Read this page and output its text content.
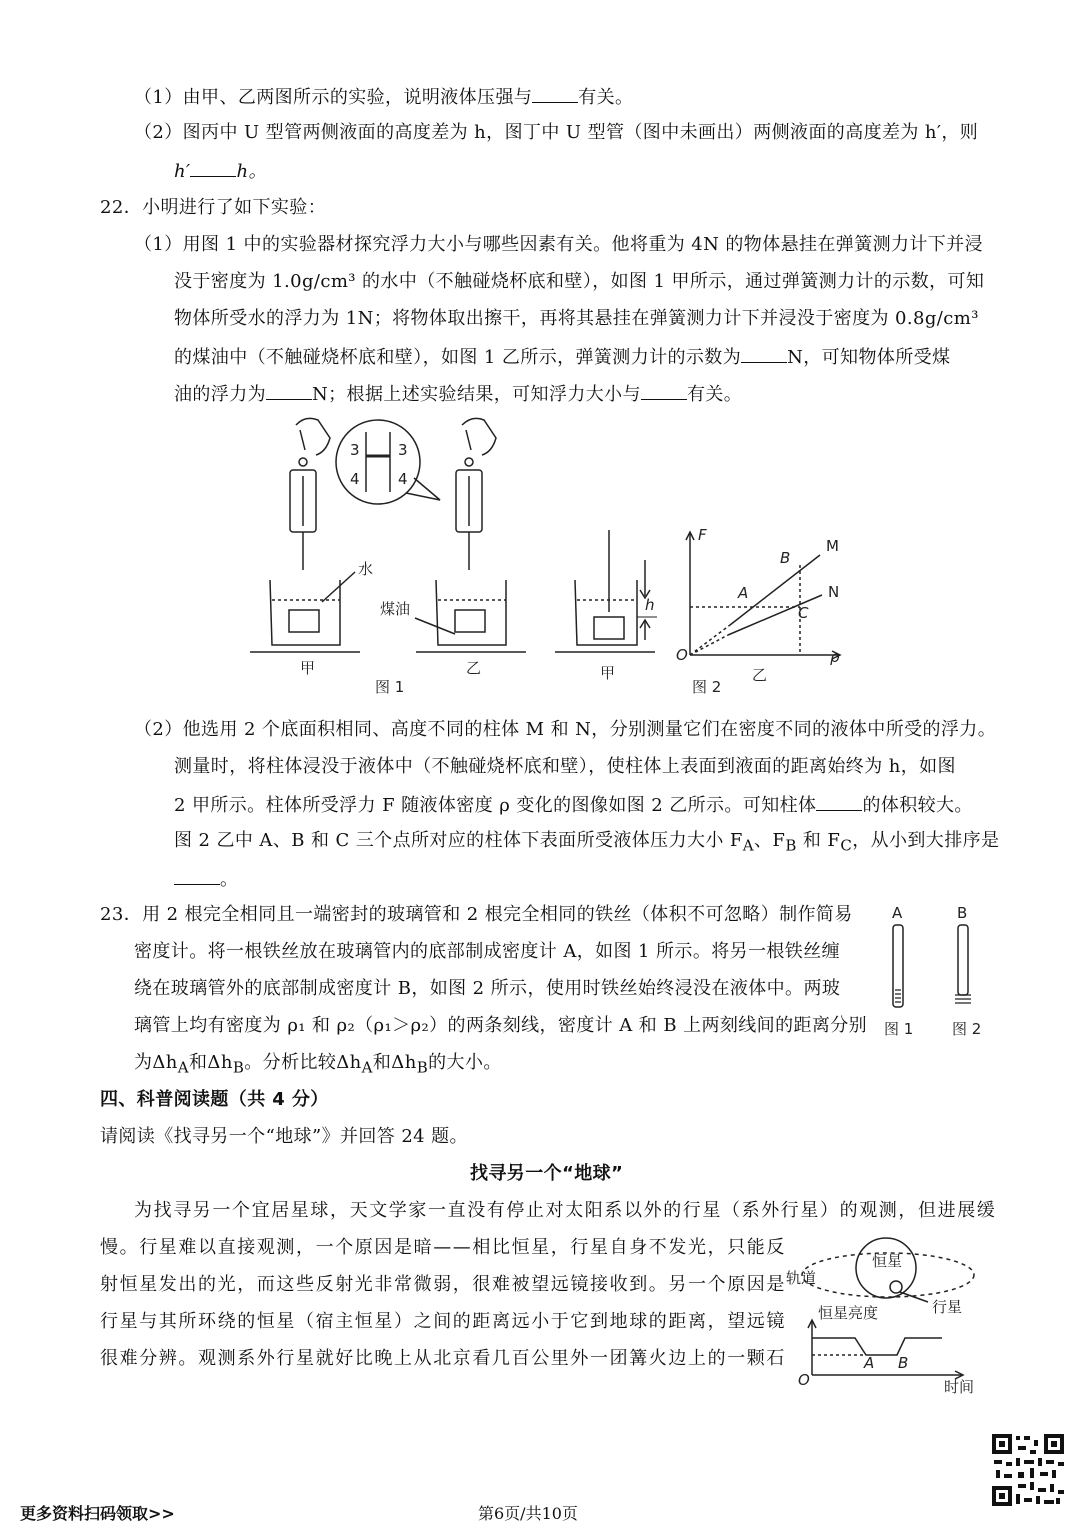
（1）由甲、乙两图所示的实验，说明液体压强与	有关。
（2）图丙中 U 型管两侧液面的高度差为 h，图丁中 U 型管（图中未画出）两侧液面的高度差为 h′，则
h′	h。
22．小明进行了如下实验：
（1）用图 1 中的实验器材探究浮力大小与哪些因素有关。他将重为 4N 的物体悬挂在弹簧测力计下并浸
没于密度为 1.0g/cm³ 的水中（不触碰烧杯底和壁），如图 1 甲所示，通过弹簧测力计的示数，可知
物体所受水的浮力为 1N；将物体取出擦干，再将其悬挂在弹簧测力计下并浸没于密度为 0.8g/cm³
的煤油中（不触碰烧杯底和壁），如图 1 乙所示，弹簧测力计的示数为	N，可知物体所受煤
油的浮力为	N；根据上述实验结果，可知浮力大小与	有关。
3	3
4	4
水
煤油
甲	乙
图 1
甲	乙
图 2
h
F
ρ
O
A
B
C
M
N
（2）他选用 2 个底面积相同、高度不同的柱体 M 和 N，分别测量它们在密度不同的液体中所受的浮力。
测量时，将柱体浸没于液体中（不触碰烧杯底和壁），使柱体上表面到液面的距离始终为 h，如图
2 甲所示。柱体所受浮力 F 随液体密度 ρ 变化的图像如图 2 乙所示。可知柱体	的体积较大。
图 2 乙中 A、B 和 C 三个点所对应的柱体下表面所受液体压力大小 $F_A$、$F_B$ 和 $F_C$，从小到大排序是
。
23．用 2 根完全相同且一端密封的玻璃管和 2 根完全相同的铁丝（体积不可忽略）制作简易
密度计。将一根铁丝放在玻璃管内的底部制成密度计 A，如图 1 所示。将另一根铁丝缠
绕在玻璃管外的底部制成密度计 B，如图 2 所示，使用时铁丝始终浸没在液体中。两玻
璃管上均有密度为 ρ₁ 和 ρ₂（ρ₁＞ρ₂）的两条刻线，密度计 A 和 B 上两刻线间的距离分别
为$\Delta h_A$和$\Delta h_B$。分析比较$\Delta h_A$和$\Delta h_B$的大小。
A	B
图 1	图 2
四、科普阅读题（共 4 分）
请阅读《找寻另一个“地球”》并回答 24 题。
找寻另一个“地球”
为找寻另一个宜居星球，天文学家一直没有停止对太阳系以外的行星（系外行星）的观测，但进展缓
慢。行星难以直接观测，一个原因是暗——相比恒星，行星自身不发光，只能反
射恒星发出的光，而这些反射光非常微弱，很难被望远镜接收到。另一个原因是
行星与其所环绕的恒星（宿主恒星）之间的距离远小于它到地球的距离，望远镜
很难分辨。观测系外行星就好比晚上从北京看几百公里外一团篝火边上的一颗石
恒星
轨道
行星
恒星亮度
O
A B
时间
更多资料扫码领取>>	第6页/共10页
